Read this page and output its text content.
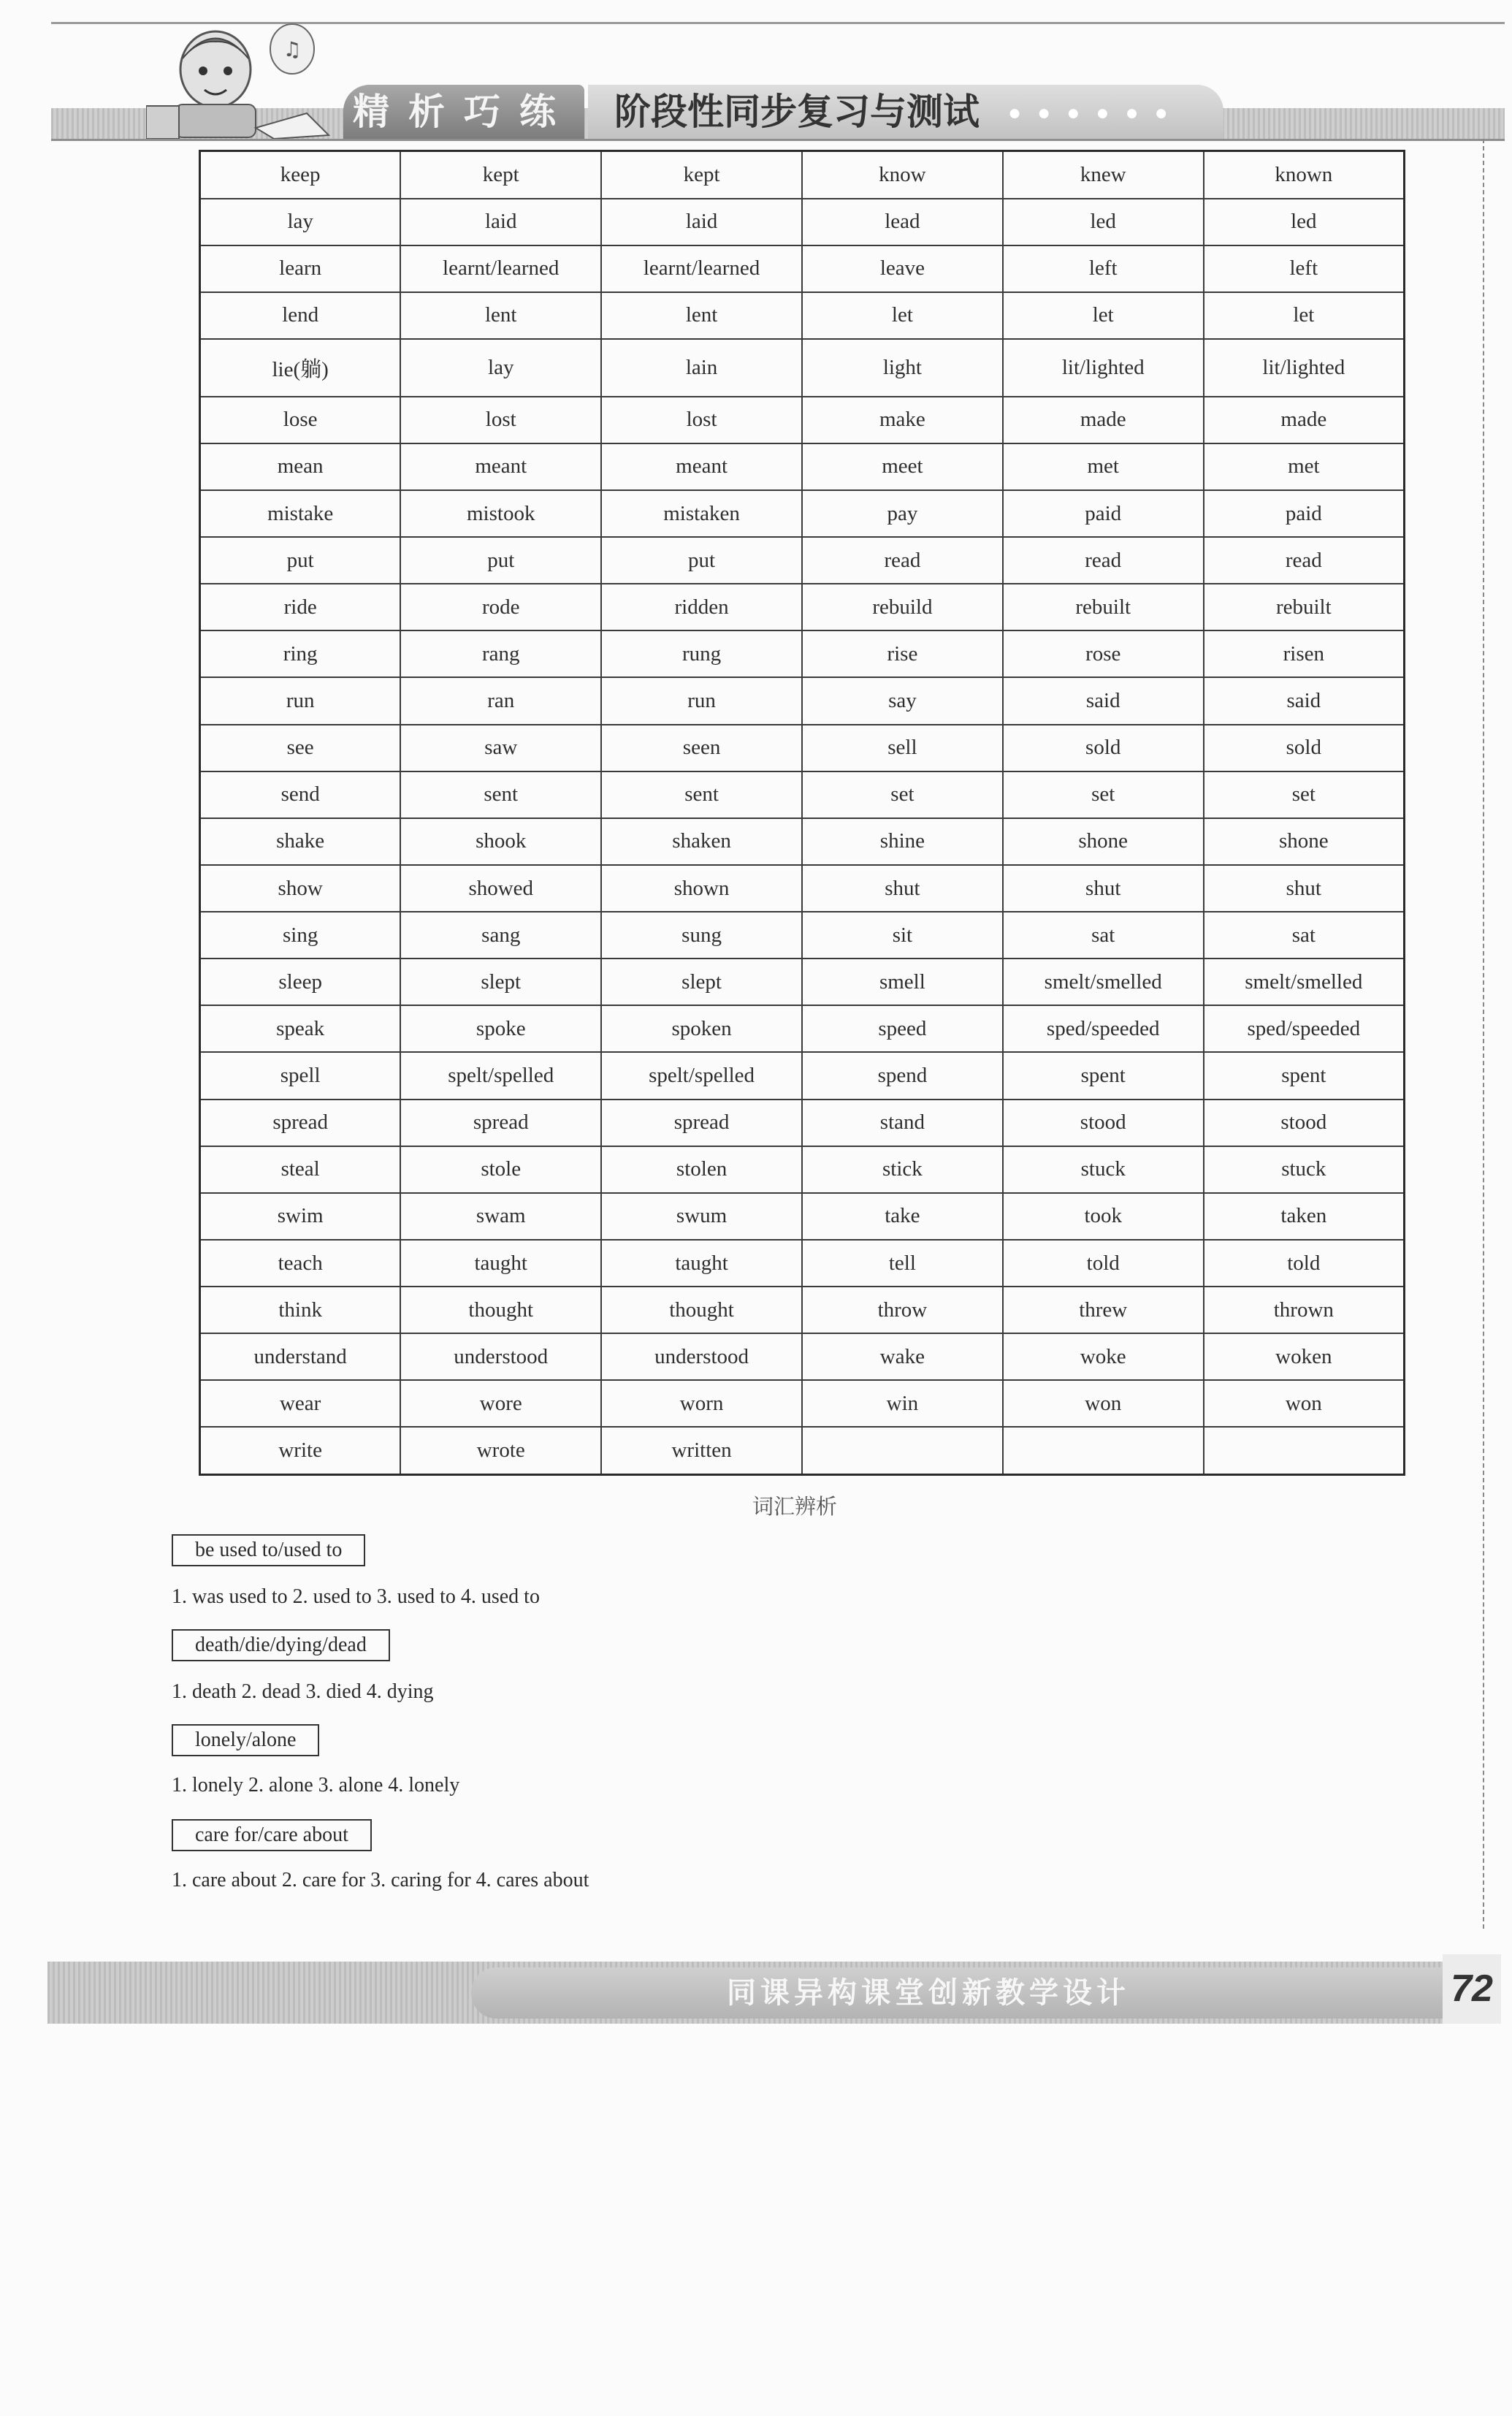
♫
精析巧练 阶段性同步复习与测试 ●●●●●●
keep	kept	kept	know	knew	known
lay	laid	laid	lead	led	led
learn	learnt/learned	learnt/learned	leave	left	left
lend	lent	lent	let	let	let
lie(躺)	lay	lain	light	lit/lighted	lit/lighted
lose	lost	lost	make	made	made
mean	meant	meant	meet	met	met
mistake	mistook	mistaken	pay	paid	paid
put	put	put	read	read	read
ride	rode	ridden	rebuild	rebuilt	rebuilt
ring	rang	rung	rise	rose	risen
run	ran	run	say	said	said
see	saw	seen	sell	sold	sold
send	sent	sent	set	set	set
shake	shook	shaken	shine	shone	shone
show	showed	shown	shut	shut	shut
sing	sang	sung	sit	sat	sat
sleep	slept	slept	smell	smelt/smelled	smelt/smelled
speak	spoke	spoken	speed	sped/speeded	sped/speeded
spell	spelt/spelled	spelt/spelled	spend	spent	spent
spread	spread	spread	stand	stood	stood
steal	stole	stolen	stick	stuck	stuck
swim	swam	swum	take	took	taken
teach	taught	taught	tell	told	told
think	thought	thought	throw	threw	thrown
understand	understood	understood	wake	woke	woken
wear	wore	worn	win	won	won
write	wrote	written			
词汇辨析
be used to/used to
1. was used to 2. used to 3. used to 4. used to
death/die/dying/dead
1. death 2. dead 3. died 4. dying
lonely/alone
1. lonely 2. alone 3. alone 4. lonely
care for/care about
1. care about 2. care for 3. caring for 4. cares about
同课异构课堂创新教学设计	72
